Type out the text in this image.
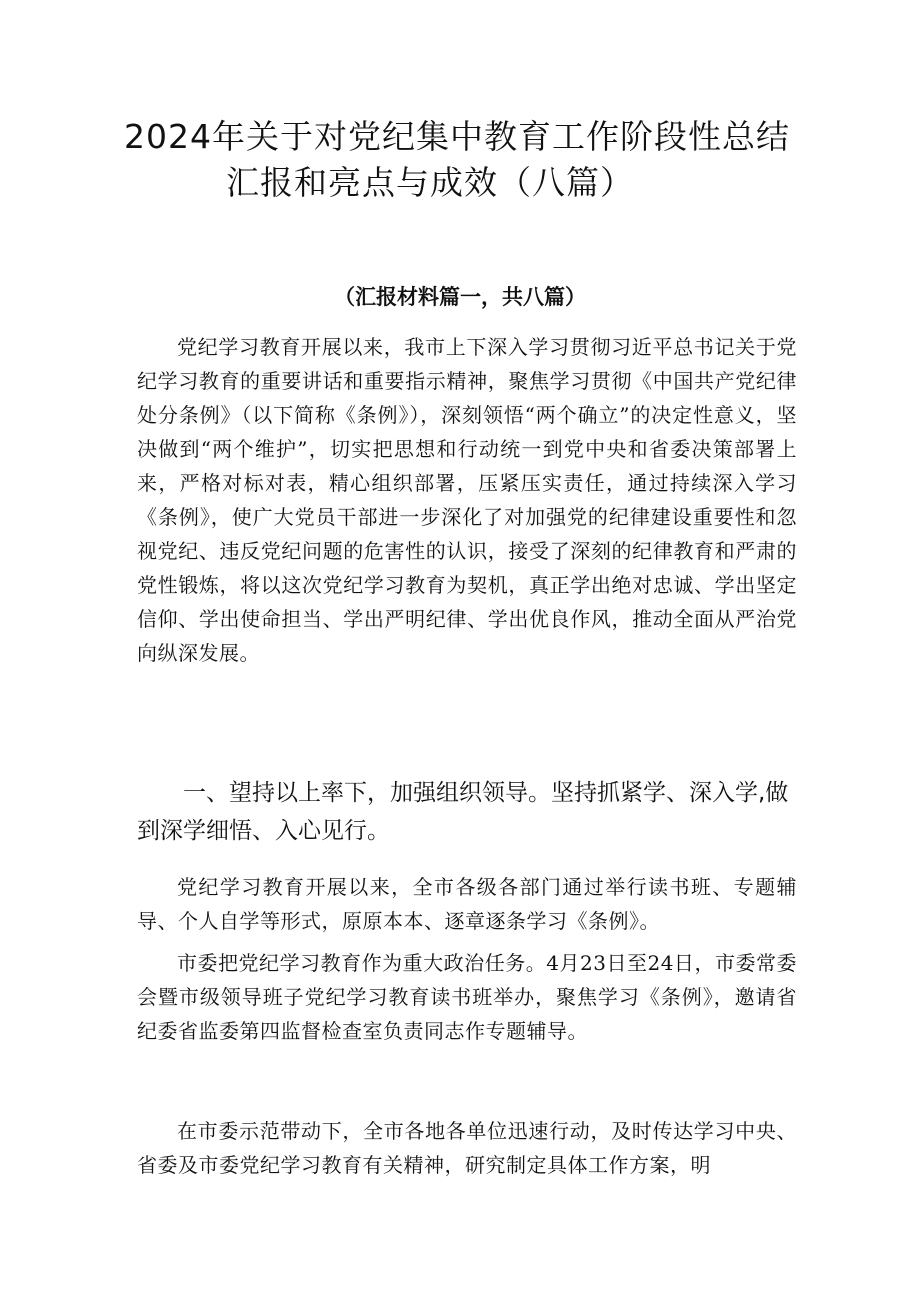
2024年关于对党纪集中教育工作阶段性总结
汇报和亮点与成效（八篇）
（汇报材料篇一，共八篇）

党纪学习教育开展以来，我市上下深入学习贯彻习近平总书记关于党纪学习教育的重要讲话和重要指示精神，聚焦学习贯彻《中国共产党纪律处分条例》（以下简称《条例》），深刻领悟“两个确立”的决定性意义，坚决做到“两个维护”，切实把思想和行动统一到党中央和省委决策部署上来，严格对标对表，精心组织部署，压紧压实责任，通过持续深入学习《条例》，使广大党员干部进一步深化了对加强党的纪律建设重要性和忽视党纪、违反党纪问题的危害性的认识，接受了深刻的纪律教育和严肃的党性锻炼，将以这次党纪学习教育为契机，真正学出绝对忠诚、学出坚定信仰、学出使命担当、学出严明纪律、学出优良作风，推动全面从严治党向纵深发展。

一、望持以上率下，加强组织领导。坚持抓紧学、深入学,做到深学细悟、入心见行。

党纪学习教育开展以来，全市各级各部门通过举行读书班、专题辅导、个人自学等形式，原原本本、逐章逐条学习《条例》。

市委把党纪学习教育作为重大政治任务。4月23日至24日，市委常委会暨市级领导班子党纪学习教育读书班举办，聚焦学习《条例》，邀请省纪委省监委第四监督检查室负责同志作专题辅导。

在市委示范带动下，全市各地各单位迅速行动，及时传达学习中央、省委及市委党纪学习教育有关精神，研究制定具体工作方案，明
